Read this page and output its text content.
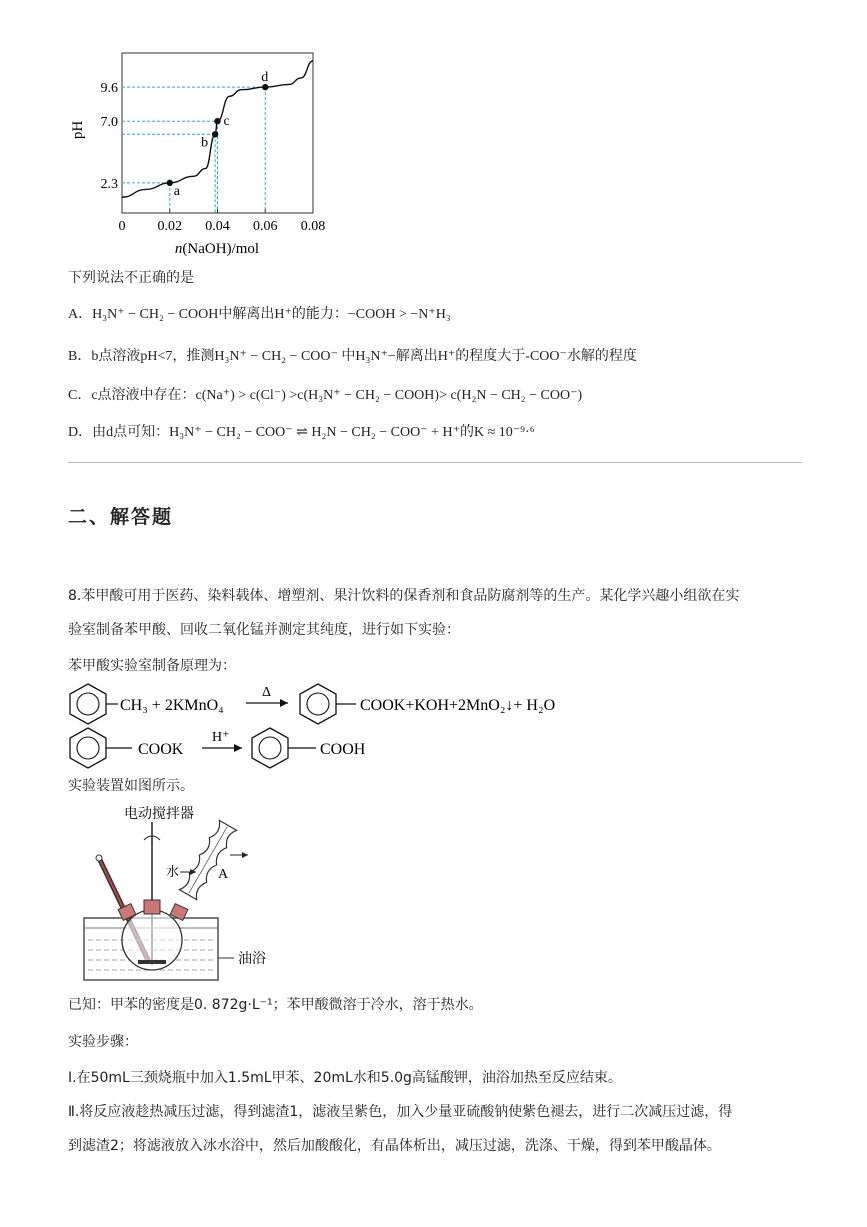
a
b
c
d
0 0.02 0.04 0.06 0.08
2.3
7.0
9.6
pH
n(NaOH)/mol
下列说法不正确的是
A．H₃N⁺ − CH₂ − COOH中解离出H⁺的能力：−COOH > −N⁺H₃
B．b点溶液pH<7，推测H₃N⁺ − CH₂ − COO⁻ 中H₃N⁺−解离出H⁺的程度大于-COO⁻水解的程度
C．c点溶液中存在：c(Na⁺) > c(Cl⁻) >c(H₃N⁺ − CH₂ − COOH)> c(H₂N − CH₂ − COO⁻)
D．由d点可知：H₃N⁺ − CH₂ − COO⁻ ⇌ H₂N − CH₂ − COO⁻ + H⁺的K ≈ 10⁻⁹·⁶
二、解答题
8.苯甲酸可用于医药、染料载体、增塑剂、果汁饮料的保香剂和食品防腐剂等的生产。某化学兴趣小组欲在实
验室制备苯甲酸、回收二氧化锰并测定其纯度，进行如下实验：
苯甲酸实验室制备原理为：
CH₃ + 2KMnO₄
Δ
COOK+KOH+2MnO₂↓+ H₂O
COOK
H⁺
COOH
实验装置如图所示。
电动搅拌器
水	A
油浴
已知：甲苯的密度是0. 872g·L⁻¹；苯甲酸微溶于冷水，溶于热水。
实验步骤：
Ⅰ.在50mL三颈烧瓶中加入1.5mL甲苯、20mL水和5.0g高锰酸钾，油浴加热至反应结束。
Ⅱ.将反应液趁热减压过滤，得到滤渣1，滤液呈紫色，加入少量亚硫酸钠使紫色褪去，进行二次减压过滤，得
到滤渣2；将滤液放入冰水浴中，然后加酸酸化，有晶体析出，减压过滤，洗涤、干燥，得到苯甲酸晶体。
